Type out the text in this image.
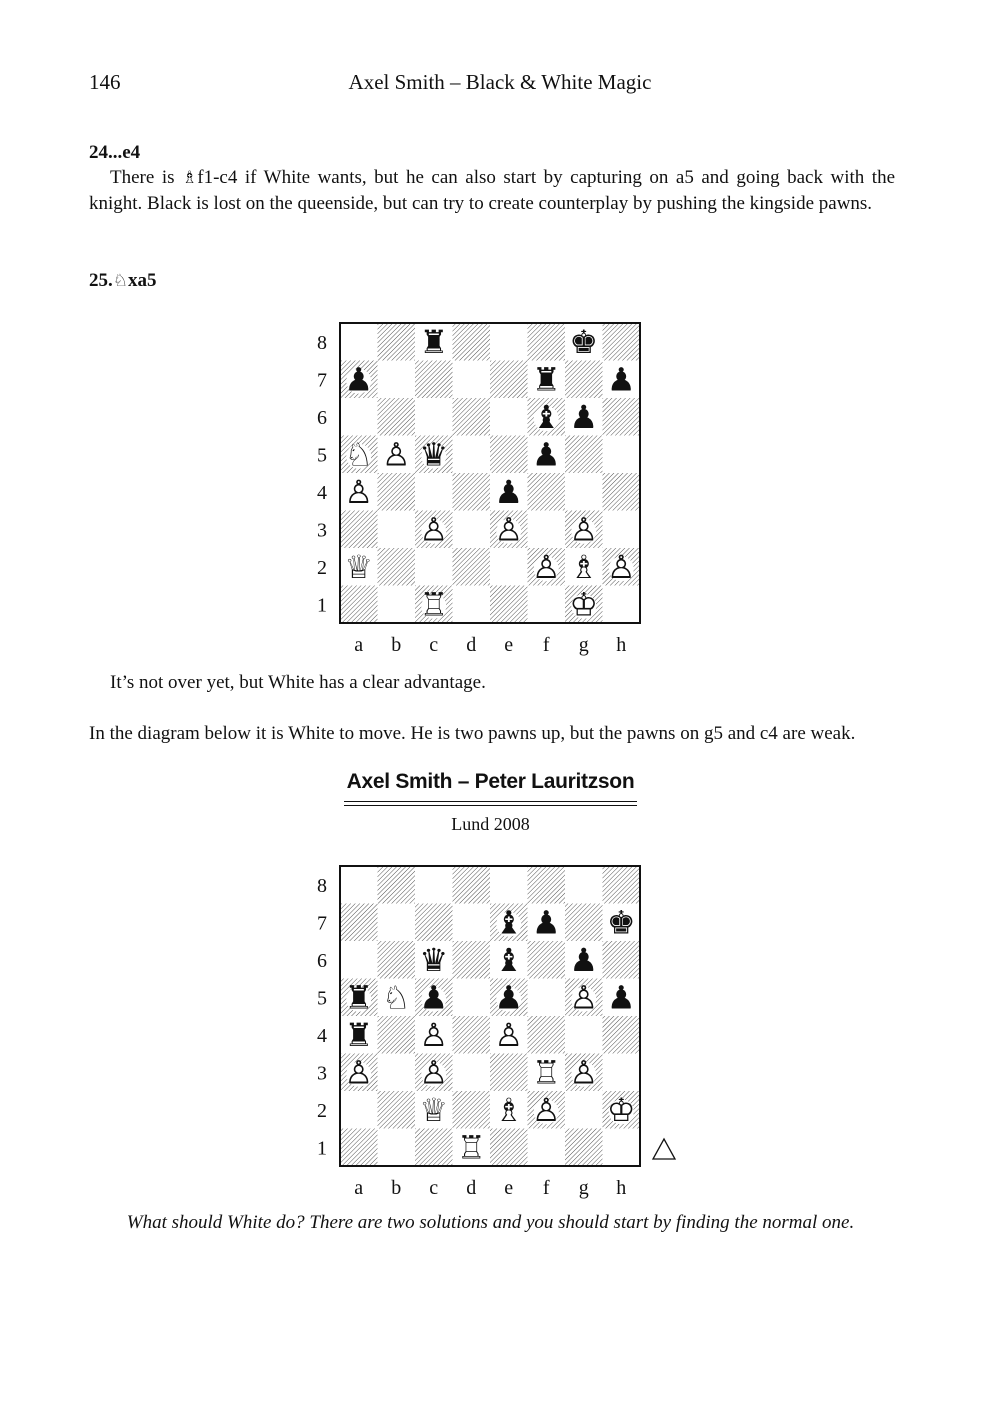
146	Axel Smith – Black & White Magic
24...e4
There is ♗f1-c4 if White wants, but he can also start by capturing on a5 and going back with the knight. Black is lost on the queenside, but can try to create counterplay by pushing the kingside pawns.
25.♘xa5
8
7
6
5
4
3
2
1
a b c d e f g h
♜	♚
♟	♜ ♟
♝ ♟
♘ ♙ ♛	♟
♙	♟
♙ ♙ ♙
♕	♙ ♗ ♙
♖	♔
It’s not over yet, but White has a clear advantage.
In the diagram below it is White to move. He is two pawns up, but the pawns on g5 and c4 are weak.
Axel Smith – Peter Lauritzson
Lund 2008
8
7
6
5
4
3
2
1
a b c d e f g h
♝ ♟ ♚
♛ ♝ ♟
♜ ♘ ♟ ♟ ♙ ♟
♜ ♙ ♙
♙ ♙	♖ ♙
♕ ♗ ♙ ♔
♖
What should White do? There are two solutions and you should start by finding the normal one.
